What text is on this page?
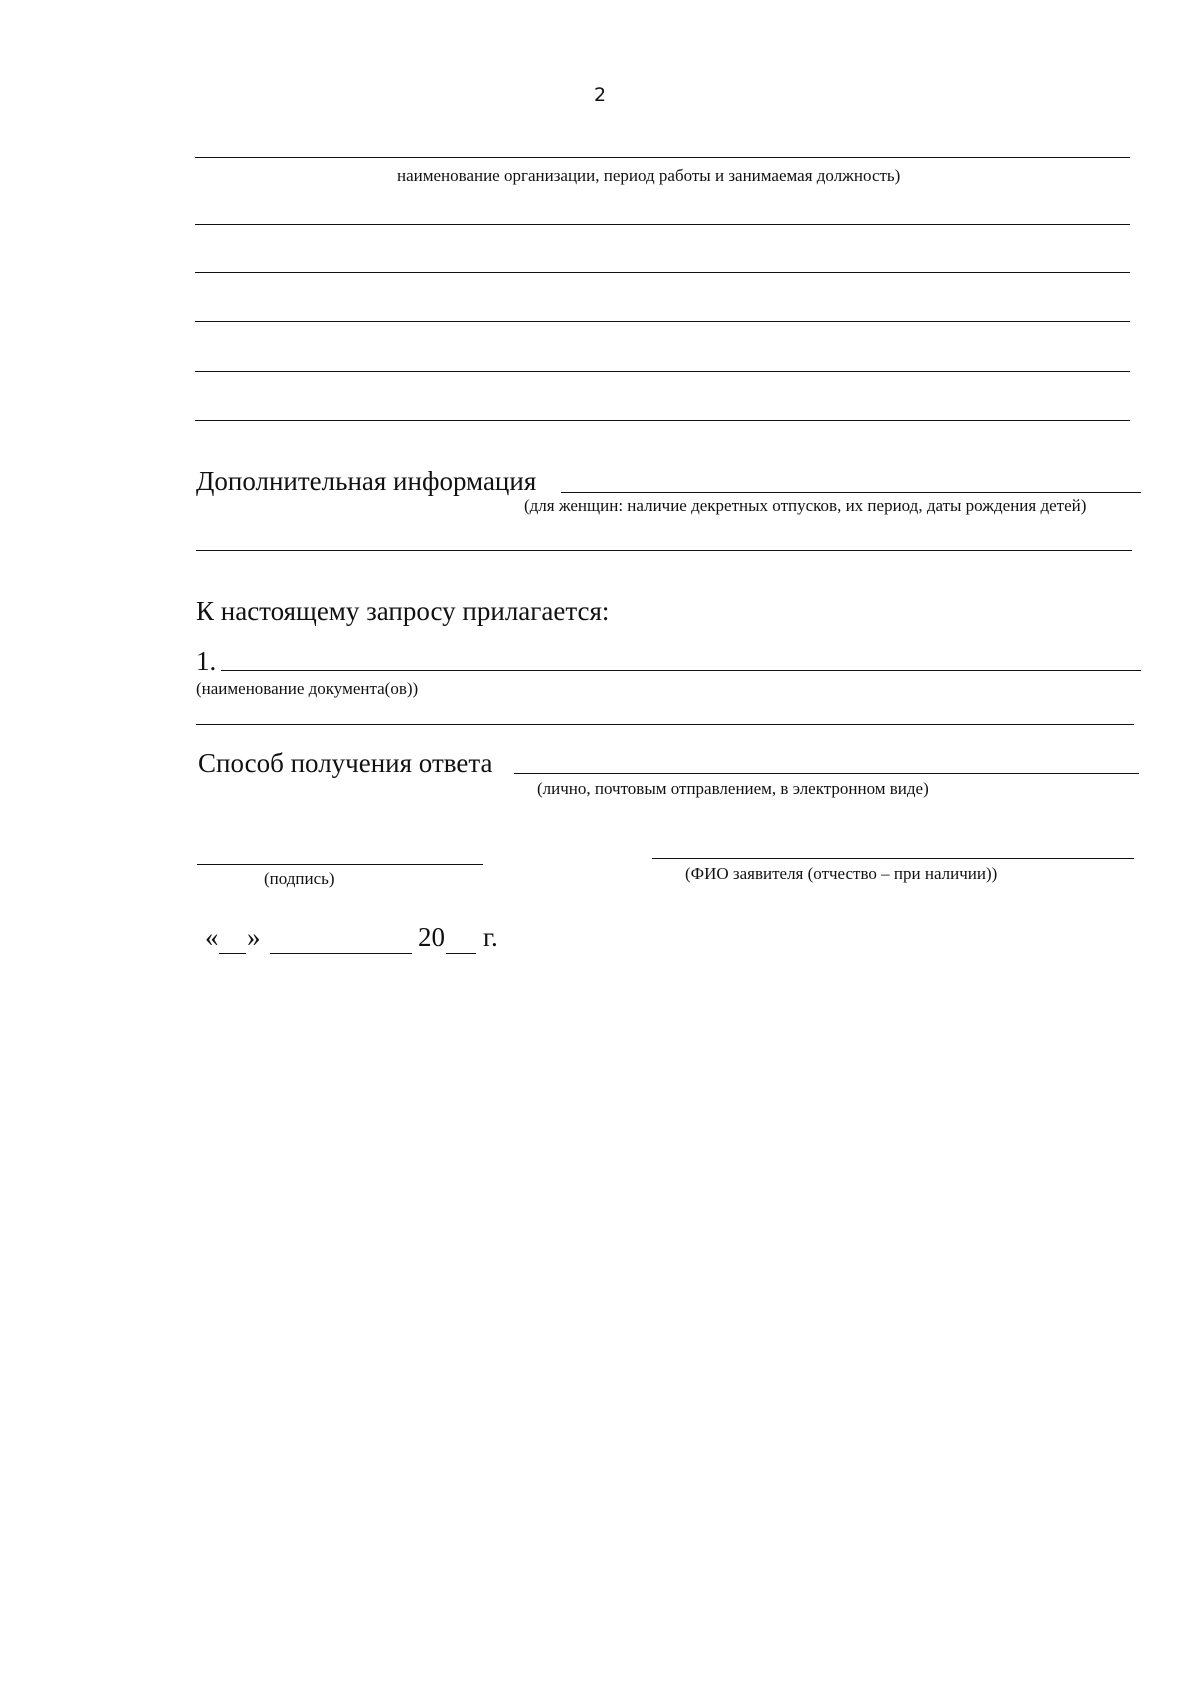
2
наименование организации, период работы и занимаемая должность)
Дополнительная информация
(для женщин: наличие декретных отпусков, их период, даты рождения детей)
К настоящему запросу прилагается:
1.
(наименование документа(ов))
Способ получения ответа
(лично, почтовым отправлением, в электронном виде)
(подпись)	(ФИО заявителя (отчество – при наличии))
« »	20 г.
